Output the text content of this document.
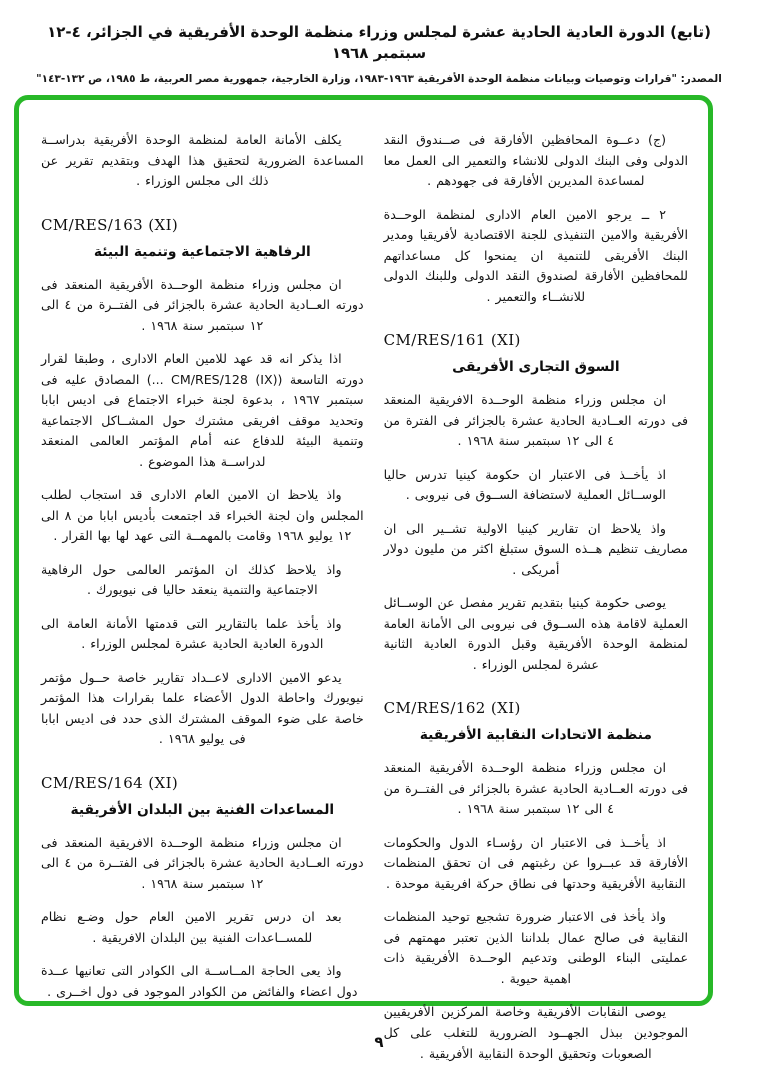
(تابع) الدورة العادية الحادية عشرة لمجلس وزراء منظمة الوحدة الأفريقية في الجزائر، ٤-١٢ سبتمبر ١٩٦٨
المصدر: "قرارات وتوصيات وبيانات منظمة الوحدة الأفريقية ١٩٦٣-١٩٨٣، وزارة الخارجية، جمهورية مصر العربية، ط ١٩٨٥، ص ١٣٢-١٤٣"

(ج) دعــوة المحافظين الأفارقة فى صــندوق النقد الدولى وفى البنك الدولى للانشاء والتعمير الى العمل معا لمساعدة المديرين الأفارقة فى جهودهم .

٢ ــ يرجو الامين العام الادارى لمنظمة الوحــدة الأفريقية والامين التنفيذى للجنة الاقتصادية لأفريقيا ومدير البنك الأفريقى للتنمية ان يمنحوا كل مساعداتهم للمحافظين الأفارقة لصندوق النقد الدولى وللبنك الدولى للانشــاء والتعمير .

CM/RES/161 (XI)
السوق التجارى الأفريقى

ان مجلس وزراء منظمة الوحــدة الافريقية المنعقد فى دورته العــادية الحادية عشرة بالجزائر فى الفترة من ٤ الى ١٢ سبتمبر سنة ١٩٦٨ .

اذ يأخــذ فى الاعتبار ان حكومة كينيا تدرس حاليا الوســائل العملية لاستضافة الســوق فى نيروبى .

واذ يلاحظ ان تقارير كينيا الاولية تشــير الى ان مصاريف تنظيم هــذه السوق ستبلغ اكثر من مليون دولار أمريكى .

يوصى حكومة كينيا بتقديم تقرير مفصل عن الوســائل العملية لاقامة هذه الســوق فى نيروبى الى الأمانة العامة لمنظمة الوحدة الأفريقية وقبل الدورة العادية الثانية عشرة لمجلس الوزراء .

CM/RES/162 (XI)
منظمة الاتحادات النقابية الأفريقية

ان مجلس وزراء منظمة الوحــدة الأفريقية المنعقد فى دورته العــادية الحادية عشرة بالجزائر فى الفتــرة من ٤ الى ١٢ سبتمبر سنة ١٩٦٨ .

اذ يأخــذ فى الاعتبار ان رؤسـاء الدول والحكومات الأفارقة قد عبــروا عن رغبتهم فى ان تحقق المنظمات النقابية الأفريقية وحدتها فى نطاق حركة افريقية موحدة .

واذ يأخذ فى الاعتبار ضرورة تشجيع توحيد المنظمات النقابية فى صالح عمال بلداننا الذين تعتبر مهمتهم فى عمليتى البناء الوطنى وتدعيم الوحــدة الأفريقية ذات اهمية حيوية .

يوصى النقابات الأفريقية وخاصة المركزين الأفريقيين الموجودين ببذل الجهــود الضرورية للتغلب على كل الصعوبات وتحقيق الوحدة النقابية الأفريقية .

يكلف الأمانة العامة لمنظمة الوحدة الأفريقية بدراســة المساعدة الضرورية لتحقيق هذا الهدف وبتقديم تقرير عن ذلك الى مجلس الوزراء .

CM/RES/163 (XI)
الرفاهية الاجتماعية وتنمية البيئة

ان مجلس وزراء منظمة الوحــدة الأفريقية المنعقد فى دورته العــادية الحادية عشرة بالجزائر فى الفتــرة من ٤ الى ١٢ سبتمبر سنة ١٩٦٨ .

اذا يذكر انه قد عهد للامين العام الادارى ، وطبقا لقرار دورته التاسعة (CM/RES/128 (IX) ...) المصادق عليه فى سبتمبر ١٩٦٧ ، بدعوة لجنة خبراء الاجتماع فى اديس ابابا وتحديد موقف افريقى مشترك حول المشــاكل الاجتماعية وتنمية البيئة للدفاع عنه أمام المؤتمر العالمى المنعقد لدراســة هذا الموضوع .

واذ يلاحظ ان الامين العام الادارى قد استجاب لطلب المجلس وان لجنة الخبراء قد اجتمعت بأديس ابابا من ٨ الى ١٢ يوليو ١٩٦٨ وقامت بالمهمــة التى عهد لها بها القرار .

واذ يلاحظ كذلك ان المؤتمر العالمى حول الرفاهية الاجتماعية والتنمية ينعقد حاليا فى نيويورك .

واذ يأخذ علما بالتقارير التى قدمتها الأمانة العامة الى الدورة العادية الحادية عشرة لمجلس الوزراء .

يدعو الامين الادارى لاعــداد تقارير خاصة حــول مؤتمر نيويورك واحاطة الدول الأعضاء علما بقرارات هذا المؤتمر خاصة على ضوء الموقف المشترك الذى حدد فى اديس ابابا فى يوليو ١٩٦٨ .

CM/RES/164 (XI)
المساعدات الفنية بين البلدان الأفريقية

ان مجلس وزراء منظمة الوحــدة الافريقية المنعقد فى دورته العــادية الحادية عشرة بالجزائر فى الفتــرة من ٤ الى ١٢ سبتمبر سنة ١٩٦٨ .

بعد ان درس تقرير الامين العام حول وضـع نظام للمســاعدات الفنية بين البلدان الافريقية .

واذ يعى الحاجة المــاســة الى الكوادر التى تعانيها عــدة دول اعضاء والفائض من الكوادر الموجود فى دول اخــرى .

٩
